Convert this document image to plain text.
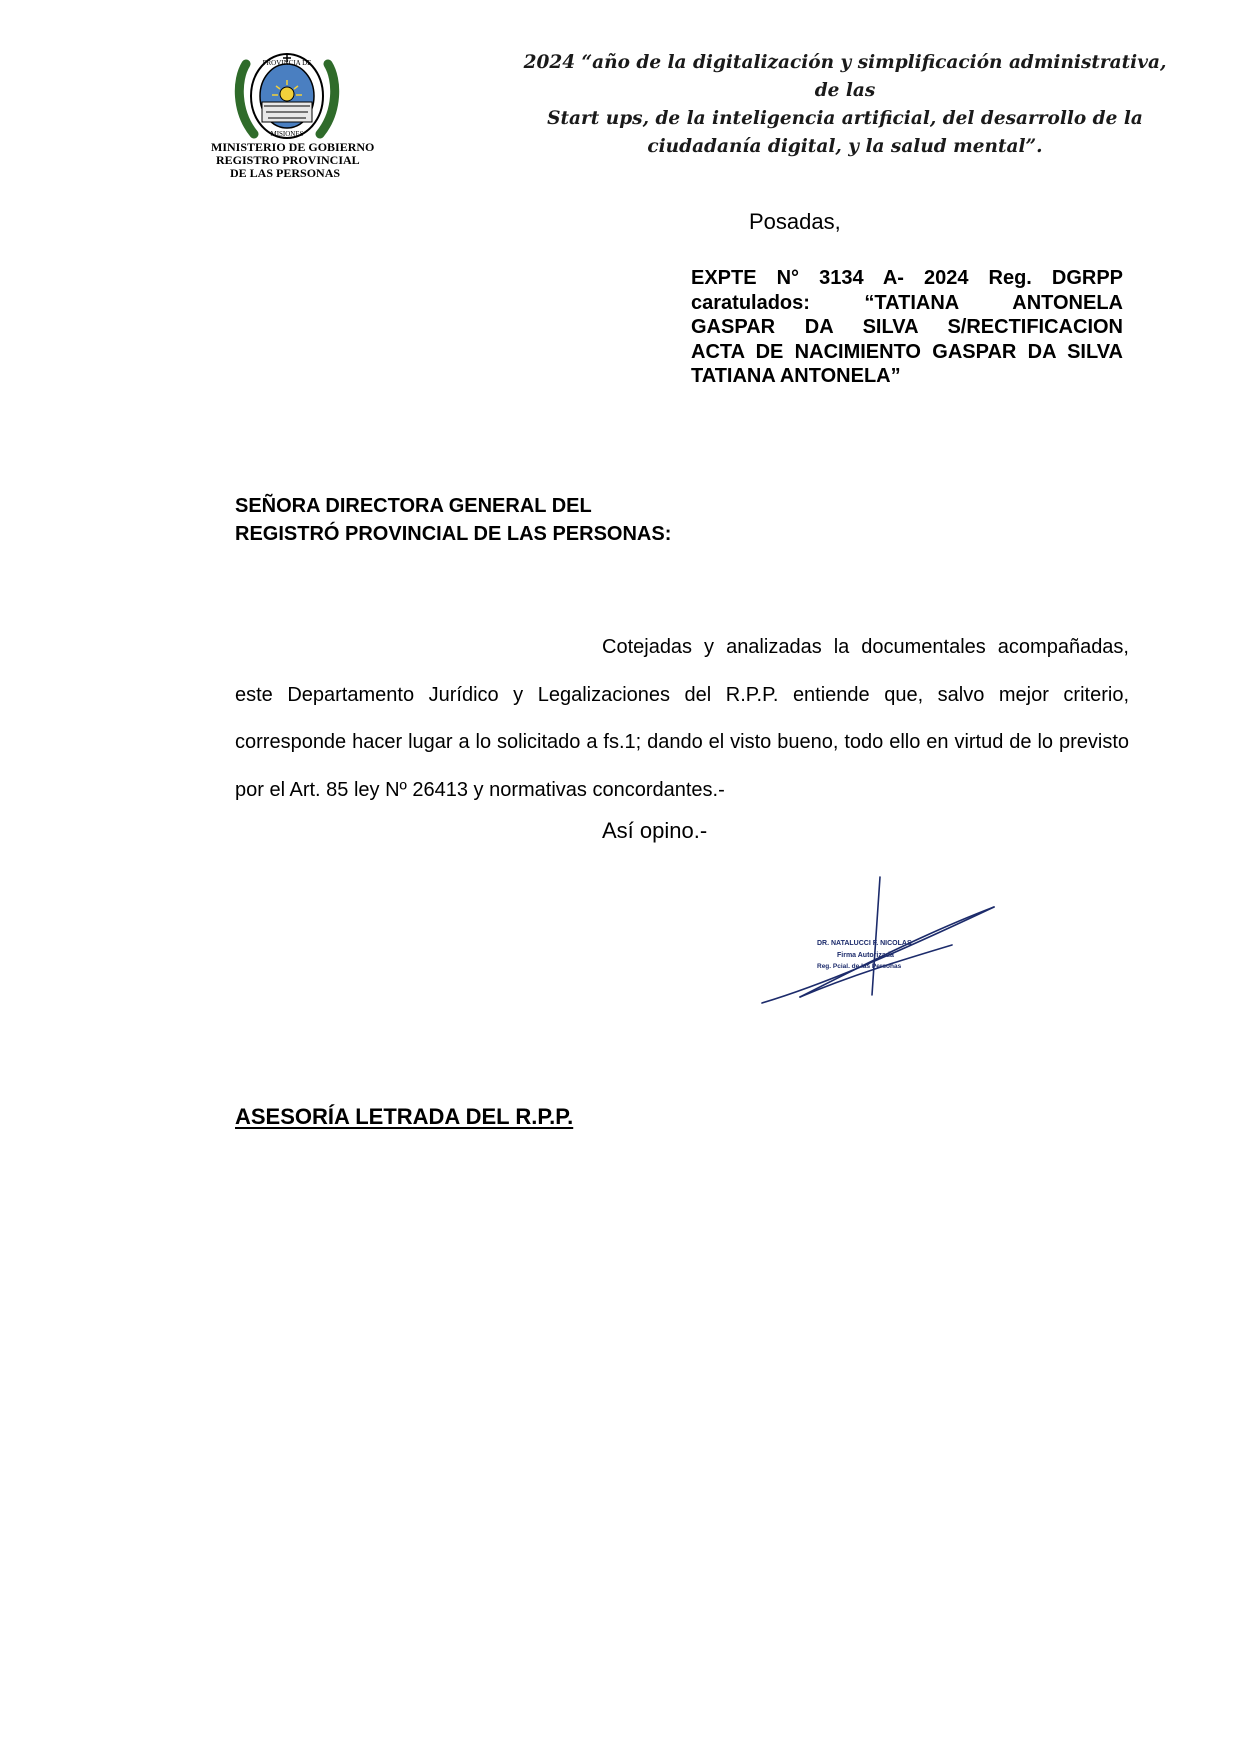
PROVINCIA DE
MISIONES
MINISTERIO DE GOBIERNO
REGISTRO PROVINCIAL
DE LAS PERSONAS
2024 “año de la digitalización y simplificación administrativa, de las
Start ups, de la inteligencia artificial, del desarrollo de la
ciudadanía digital, y la salud mental”.
Posadas,
EXPTE N° 3134 A- 2024 Reg. DGRPP
caratulados: “TATIANA ANTONELA
GASPAR DA SILVA S/RECTIFICACION
ACTA DE NACIMIENTO GASPAR DA SILVA
TATIANA ANTONELA”
SEÑORA DIRECTORA GENERAL DEL
REGISTRÓ PROVINCIAL DE LAS PERSONAS:
Cotejadas y analizadas la documentales acompañadas, este Departamento Jurídico y Legalizaciones del R.P.P. entiende que, salvo mejor criterio, corresponde hacer lugar a lo solicitado a fs.1; dando el visto bueno, todo ello en virtud de lo previsto por el Art. 85 ley Nº 26413 y normativas concordantes.-
Así opino.-
DR. NATALUCCI F. NICOLAS
Firma Autorizada
Reg. Pcial. de las Personas
ASESORÍA LETRADA DEL R.P.P.
